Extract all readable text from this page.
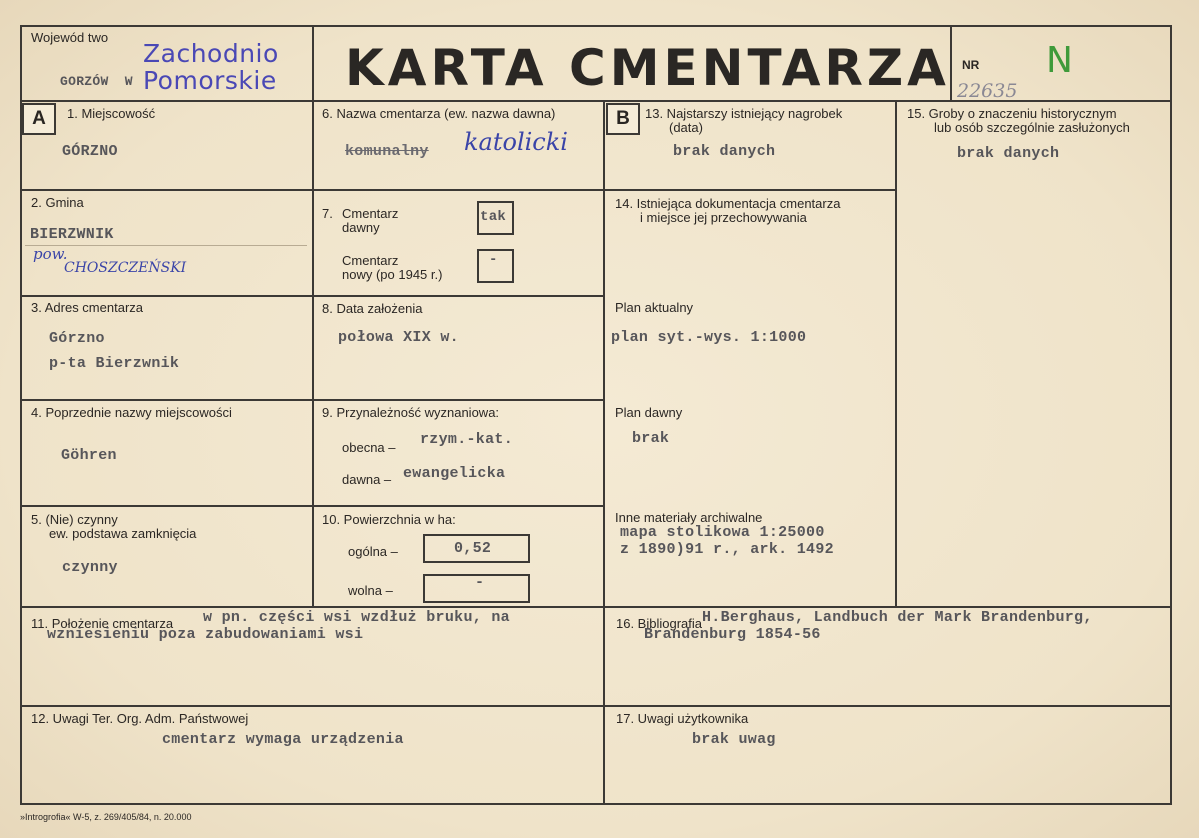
Wojewód two
GORZÓW  W
Zachodnio
Pomorskie KARTA CMENTARZA NR N
22635
A	B
1. Miejscowość
GÓRZNO
2. Gmina
BIERZWNIK
pow.
CHOSZCZEŃSKI
3. Adres cmentarza
Górzno
p-ta Bierzwnik
4. Poprzednie nazwy miejscowości
Göhren
5. (Nie) czynny
ew. podstawa zamknięcia
czynny
6. Nazwa cmentarza (ew. nazwa dawna)
komunalny katolicki
7. Cmentarz
dawny
tak
Cmentarz
nowy (po 1945 r.)
-
8. Data założenia
połowa XIX w.
9. Przynależność wyznaniowa:
obecna – rzym.-kat.
dawna – ewangelicka
10. Powierzchnia w ha:
ogólna –	0,52
wolna –	-
11. Położenie cmentarza w pn. części wsi wzdłuż bruku, na
wzniesieniu poza zabudowaniami wsi
12. Uwagi Ter. Org. Adm. Państwowej
cmentarz wymaga urządzenia
13. Najstarszy istniejący nagrobek
(data)
brak danych
14. Istniejąca dokumentacja cmentarza
i miejsce jej przechowywania
Plan aktualny
plan syt.-wys. 1:1000
Plan dawny
brak
Inne materiały archiwalne
mapa stolikowa 1:25000
z 1890)91 r., ark. 1492
15. Groby o znaczeniu historycznym
lub osób szczególnie zasłużonych
brak danych
16. Bibliografia H.Berghaus, Landbuch der Mark Brandenburg,
Brandenburg 1854-56
17. Uwagi użytkownika
brak uwag
»Introgrofia« W-5, z. 269/405/84, n. 20.000
